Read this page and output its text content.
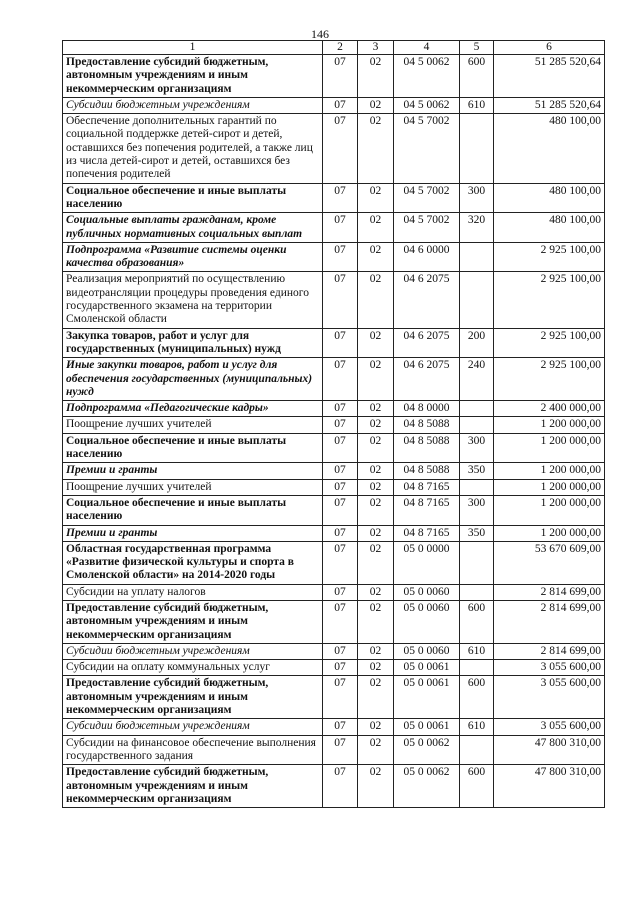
146
1	2	3	4	5	6
Предоставление субсидий бюджетным, автономным учреждениям и иным некоммерческим организациям	07	02	04 5 0062	600	51 285 520,64
Субсидии бюджетным учреждениям	07	02	04 5 0062	610	51 285 520,64
Обеспечение дополнительных гарантий по социальной поддержке детей-сирот и детей, оставшихся без попечения родителей, а также лиц из числа детей-сирот и детей, оставшихся без попечения родителей	07	02	04 5 7002		480 100,00
Социальное обеспечение и иные выплаты населению	07	02	04 5 7002	300	480 100,00
Социальные выплаты гражданам, кроме публичных нормативных социальных выплат	07	02	04 5 7002	320	480 100,00
Подпрограмма «Развитие системы оценки качества образования»	07	02	04 6 0000		2 925 100,00
Реализация мероприятий по осуществлению видеотрансляции процедуры проведения единого государственного экзамена на территории Смоленской области	07	02	04 6 2075		2 925 100,00
Закупка товаров, работ и услуг для государственных (муниципальных) нужд	07	02	04 6 2075	200	2 925 100,00
Иные закупки товаров, работ и услуг для обеспечения государственных (муниципальных) нужд	07	02	04 6 2075	240	2 925 100,00
Подпрограмма «Педагогические кадры»	07	02	04 8 0000		2 400 000,00
Поощрение лучших учителей	07	02	04 8 5088		1 200 000,00
Социальное обеспечение и иные выплаты населению	07	02	04 8 5088	300	1 200 000,00
Премии и гранты	07	02	04 8 5088	350	1 200 000,00
Поощрение лучших учителей	07	02	04 8 7165		1 200 000,00
Социальное обеспечение и иные выплаты населению	07	02	04 8 7165	300	1 200 000,00
Премии и гранты	07	02	04 8 7165	350	1 200 000,00
Областная государственная программа «Развитие физической культуры и спорта в Смоленской области» на 2014-2020 годы	07	02	05 0 0000		53 670 609,00
Субсидии на уплату налогов	07	02	05 0 0060		2 814 699,00
Предоставление субсидий бюджетным, автономным учреждениям и иным некоммерческим организациям	07	02	05 0 0060	600	2 814 699,00
Субсидии бюджетным учреждениям	07	02	05 0 0060	610	2 814 699,00
Субсидии на оплату коммунальных услуг	07	02	05 0 0061		3 055 600,00
Предоставление субсидий бюджетным, автономным учреждениям и иным некоммерческим организациям	07	02	05 0 0061	600	3 055 600,00
Субсидии бюджетным учреждениям	07	02	05 0 0061	610	3 055 600,00
Субсидии на финансовое обеспечение выполнения государственного задания	07	02	05 0 0062		47 800 310,00
Предоставление субсидий бюджетным, автономным учреждениям и иным некоммерческим организациям	07	02	05 0 0062	600	47 800 310,00
